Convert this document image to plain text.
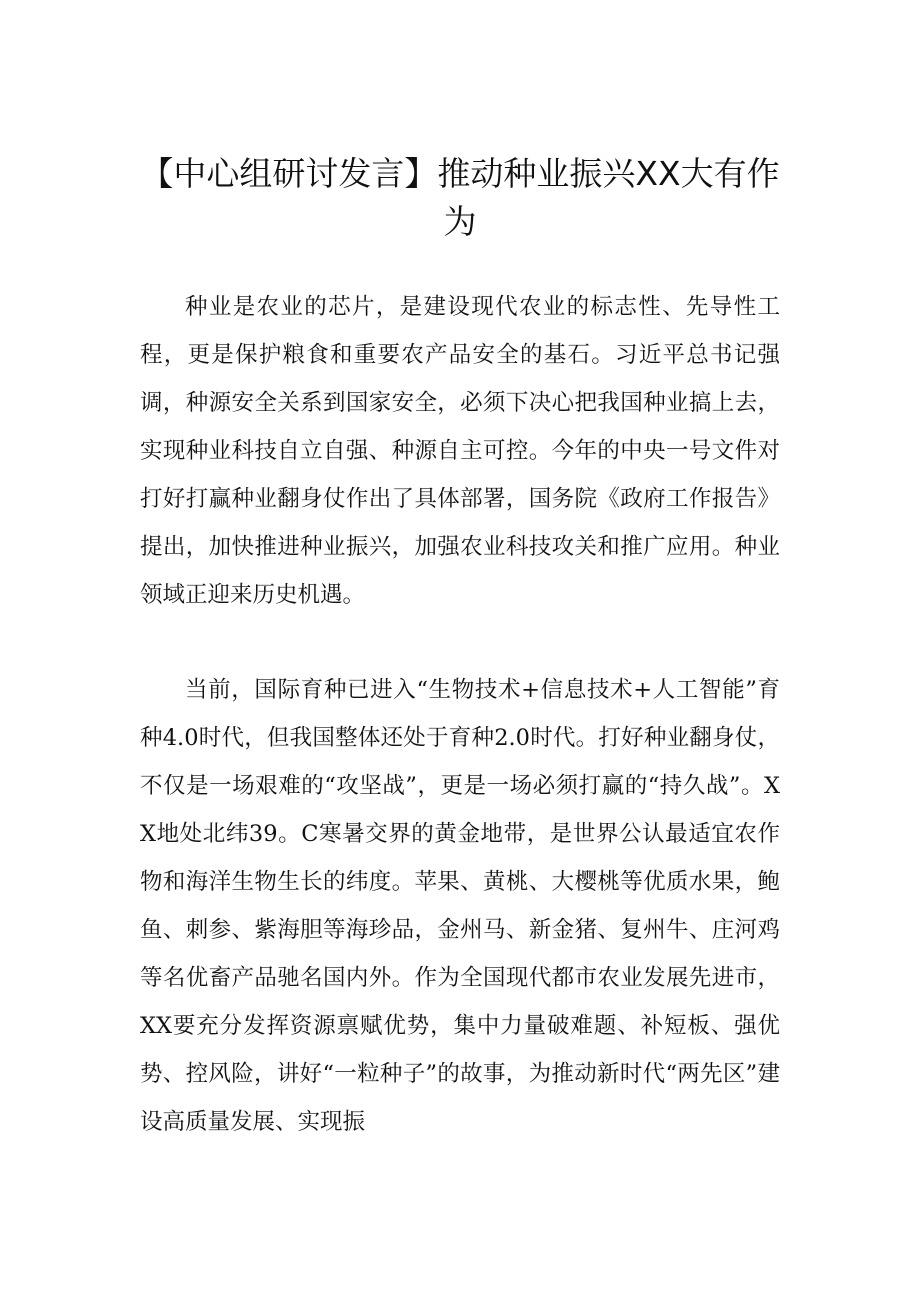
【中心组研讨发言】推动种业振兴XX大有作为

种业是农业的芯片，是建设现代农业的标志性、先导性工程，更是保护粮食和重要农产品安全的基石。习近平总书记强调，种源安全关系到国家安全，必须下决心把我国种业搞上去，实现种业科技自立自强、种源自主可控。今年的中央一号文件对打好打赢种业翻身仗作出了具体部署，国务院《政府工作报告》提出，加快推进种业振兴，加强农业科技攻关和推广应用。种业领域正迎来历史机遇。

当前，国际育种已进入“生物技术+信息技术+人工智能”育种4.0时代，但我国整体还处于育种2.0时代。打好种业翻身仗，不仅是一场艰难的“攻坚战”，更是一场必须打赢的“持久战”。XX地处北纬39。C寒暑交界的黄金地带，是世界公认最适宜农作物和海洋生物生长的纬度。苹果、黄桃、大樱桃等优质水果，鲍鱼、刺参、紫海胆等海珍品，金州马、新金猪、复州牛、庄河鸡等名优畜产品驰名国内外。作为全国现代都市农业发展先进市，XX要充分发挥资源禀赋优势，集中力量破难题、补短板、强优势、控风险，讲好“一粒种子”的故事，为推动新时代“两先区”建设高质量发展、实现振
